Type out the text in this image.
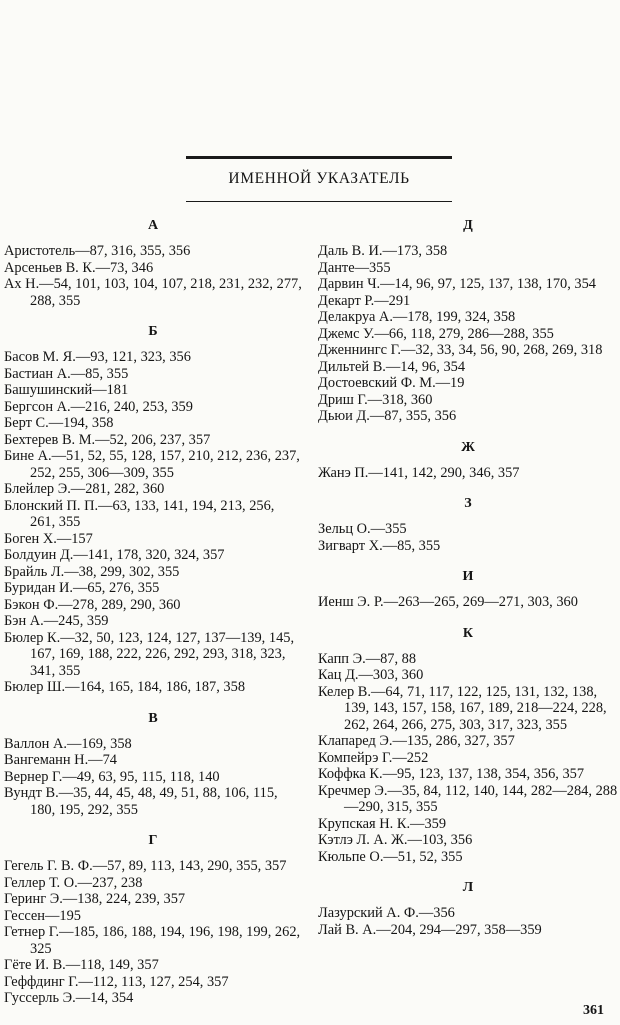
ИМЕННОЙ УКАЗАТЕЛЬ
А
Аристотель—87, 316, 355, 356
Арсеньев В. К.—73, 346
Ах Н.—54, 101, 103, 104, 107, 218, 231, 232, 277, 288, 355
Б
Басов М. Я.—93, 121, 323, 356
Бастиан А.—85, 355
Башушинский—181
Бергсон А.—216, 240, 253, 359
Берт С.—194, 358
Бехтерев В. М.—52, 206, 237, 357
Бине А.—51, 52, 55, 128, 157, 210, 212, 236, 237, 252, 255, 306—309, 355
Блейлер Э.—281, 282, 360
Блонский П. П.—63, 133, 141, 194, 213, 256, 261, 355
Боген Х.—157
Болдуин Д.—141, 178, 320, 324, 357
Брайль Л.—38, 299, 302, 355
Буридан И.—65, 276, 355
Бэкон Ф.—278, 289, 290, 360
Бэн А.—245, 359
Бюлер К.—32, 50, 123, 124, 127, 137—139, 145, 167, 169, 188, 222, 226, 292, 293, 318, 323, 341, 355
Бюлер Ш.—164, 165, 184, 186, 187, 358
В
Валлон А.—169, 358
Вангеманн Н.—74
Вернер Г.—49, 63, 95, 115, 118, 140
Вундт В.—35, 44, 45, 48, 49, 51, 88, 106, 115, 180, 195, 292, 355
Г
Гегель Г. В. Ф.—57, 89, 113, 143, 290, 355, 357
Геллер Т. О.—237, 238
Геринг Э.—138, 224, 239, 357
Гессен—195
Гетнер Г.—185, 186, 188, 194, 196, 198, 199, 262, 325
Гёте И. В.—118, 149, 357
Геффдинг Г.—112, 113, 127, 254, 357
Гуссерль Э.—14, 354
Д
Даль В. И.—173, 358
Данте—355
Дарвин Ч.—14, 96, 97, 125, 137, 138, 170, 354
Декарт Р.—291
Делакруа А.—178, 199, 324, 358
Джемс У.—66, 118, 279, 286—288, 355
Дженнингс Г.—32, 33, 34, 56, 90, 268, 269, 318
Дильтей В.—14, 96, 354
Достоевский Ф. М.—19
Дриш Г.—318, 360
Дьюи Д.—87, 355, 356
Ж
Жанэ П.—141, 142, 290, 346, 357
З
Зельц О.—355
Зигварт Х.—85, 355
И
Иенш Э. Р.—263—265, 269—271, 303, 360
К
Капп Э.—87, 88
Кац Д.—303, 360
Келер В.—64, 71, 117, 122, 125, 131, 132, 138, 139, 143, 157, 158, 167, 189, 218—224, 228, 262, 264, 266, 275, 303, 317, 323, 355
Клапаред Э.—135, 286, 327, 357
Компейрэ Г.—252
Коффка К.—95, 123, 137, 138, 354, 356, 357
Кречмер Э.—35, 84, 112, 140, 144, 282—284, 288—290, 315, 355
Крупская Н. К.—359
Кэтлэ Л. А. Ж.—103, 356
Кюльпе О.—51, 52, 355
Л
Лазурский А. Ф.—356
Лай В. А.—204, 294—297, 358—359
361
